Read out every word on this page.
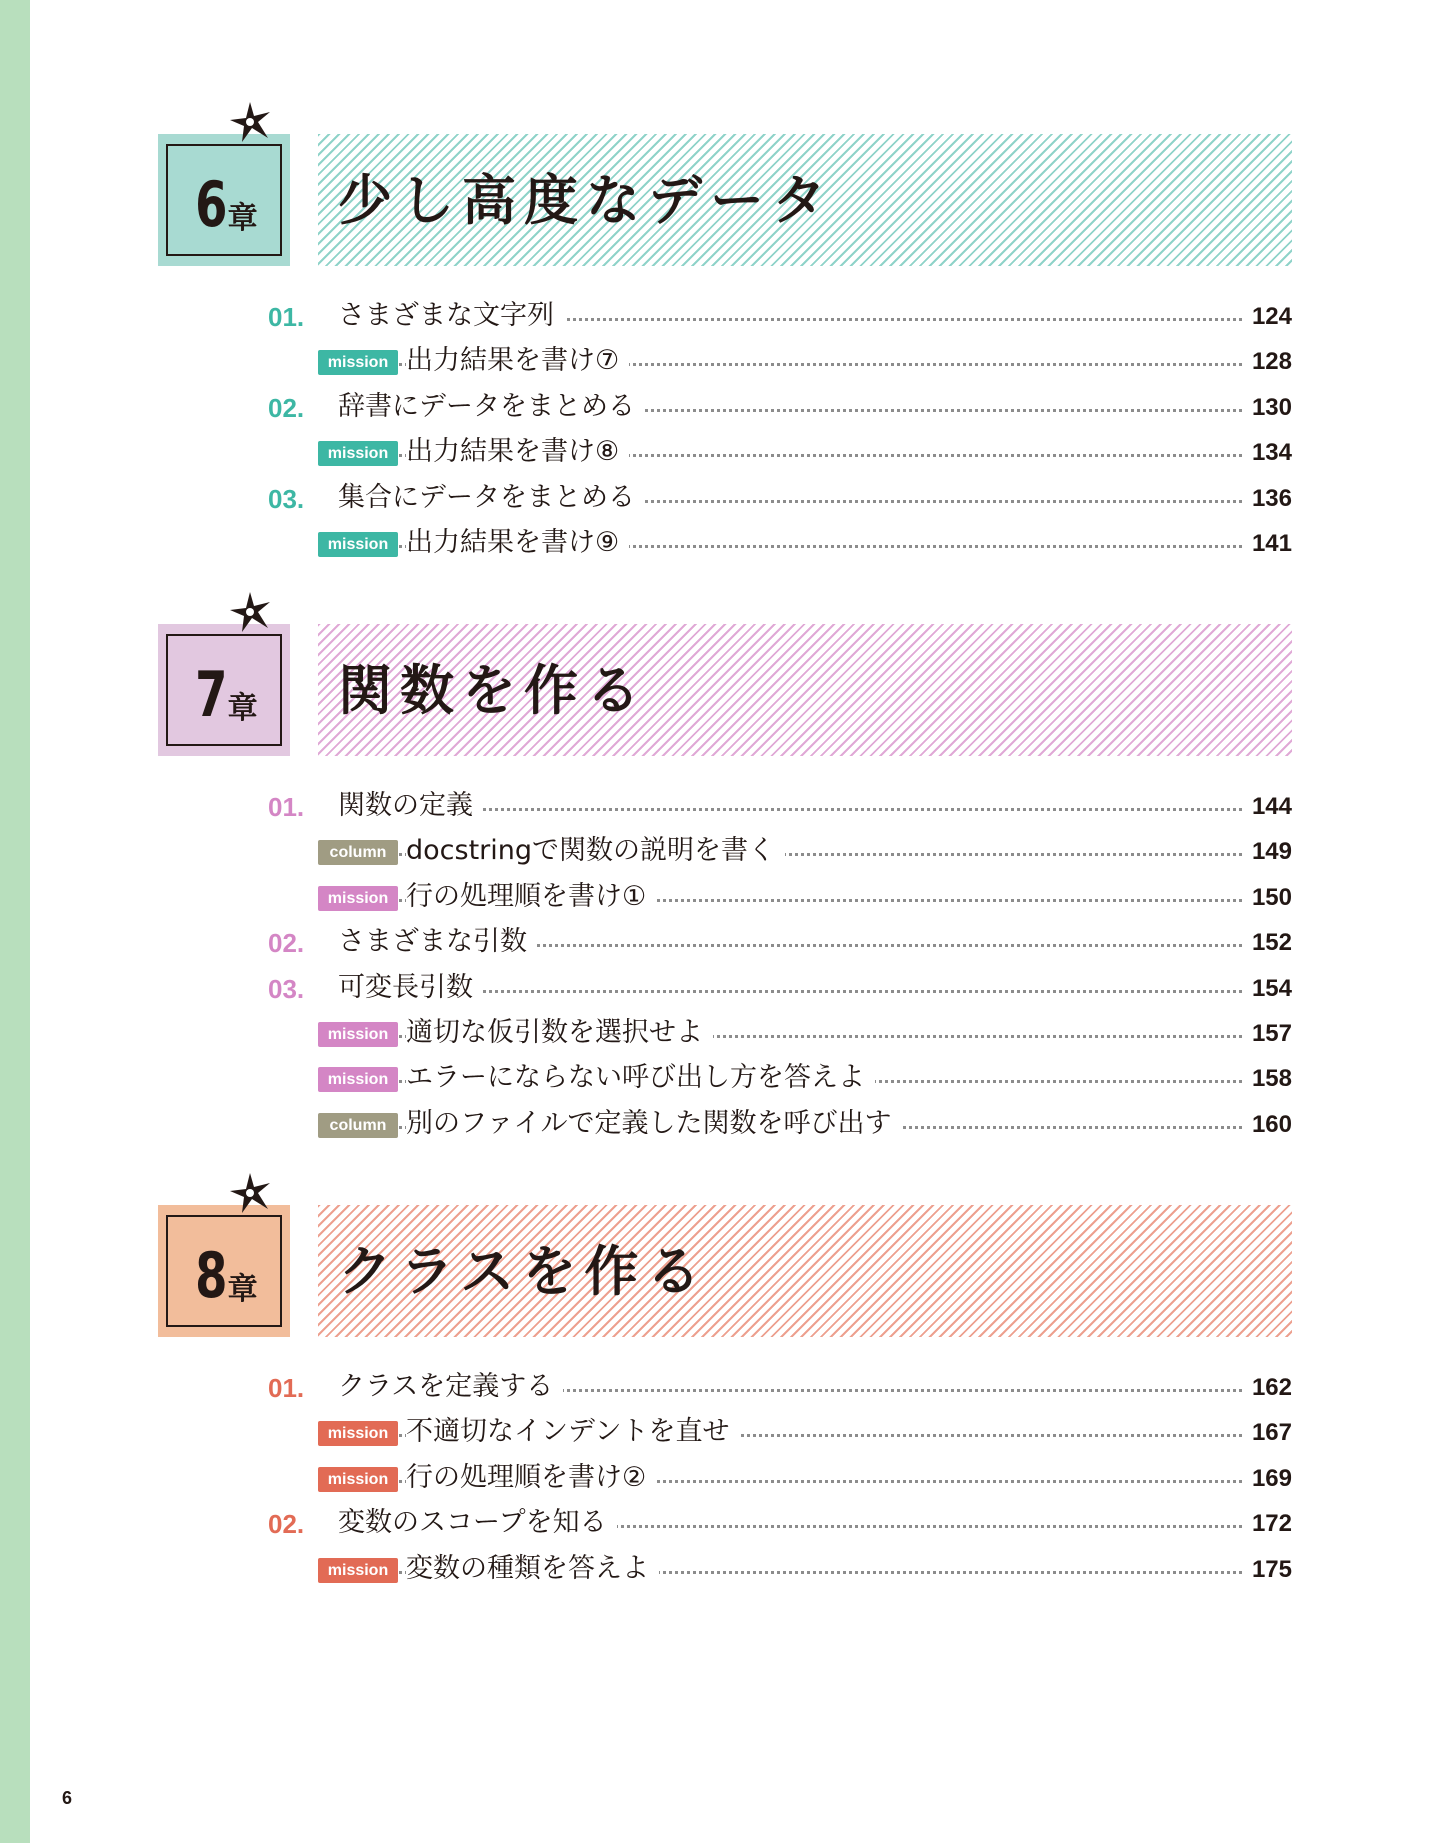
6 章 少し高度なデータ
01. さまざまな文字列	124
mission 出力結果を書け⑦	128
02. 辞書にデータをまとめる	130
mission 出力結果を書け⑧	134
03. 集合にデータをまとめる	136
mission 出力結果を書け⑨	141
7 章 関数を作る
01. 関数の定義	144
column docstringで関数の説明を書く	149
mission 行の処理順を書け①	150
02. さまざまな引数	152
03. 可変長引数	154
mission 適切な仮引数を選択せよ	157
mission エラーにならない呼び出し方を答えよ	158
column 別のファイルで定義した関数を呼び出す	160
8 章 クラスを作る
01. クラスを定義する	162
mission 不適切なインデントを直せ	167
mission 行の処理順を書け②	169
02. 変数のスコープを知る	172
mission 変数の種類を答えよ	175
6
